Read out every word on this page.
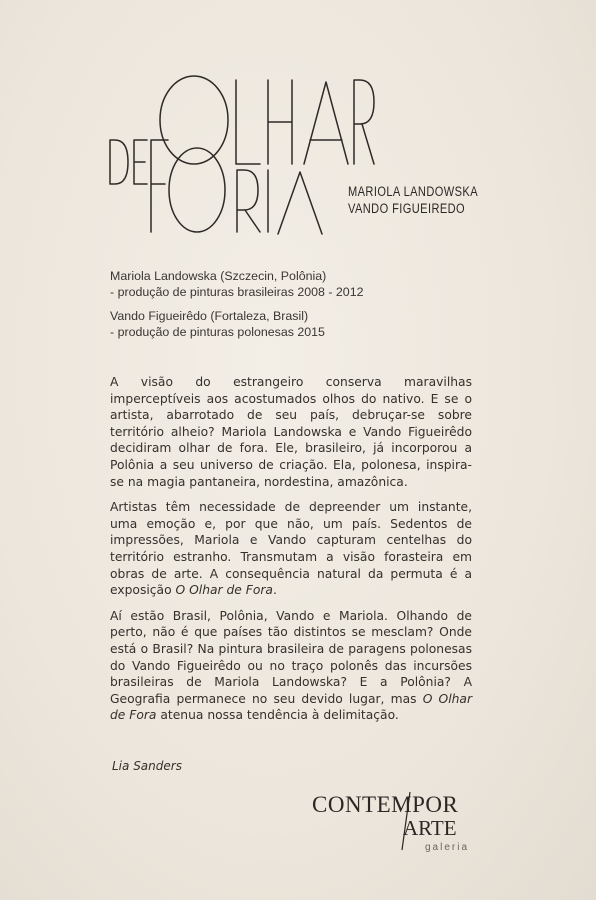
MARIOLA LANDOWSKA
VANDO FIGUEIREDO
Mariola Landowska (Szczecin, Polônia)
- produção de pinturas brasileiras 2008 - 2012
Vando Figueirêdo (Fortaleza, Brasil)
- produção de pinturas polonesas 2015

A visão do estrangeiro conserva maravilhas imperceptíveis aos acostumados olhos do nativo. E se o artista, abarrotado de seu país, debruçar-se sobre território alheio? Mariola Landowska e Vando Figueirêdo decidiram olhar de fora. Ele, brasileiro, já incorporou a Polônia a seu universo de criação. Ela, polonesa, inspira-se na magia pantaneira, nordestina, amazônica.

Artistas têm necessidade de depreender um instante, uma emoção e, por que não, um país. Sedentos de impressões, Mariola e Vando capturam centelhas do território estranho. Transmutam a visão forasteira em obras de arte. A consequência natural da permuta é a exposição O Olhar de Fora.

Aí estão Brasil, Polônia, Vando e Mariola. Olhando de perto, não é que países tão distintos se mesclam? Onde está o Brasil? Na pintura brasileira de paragens polonesas do Vando Figueirêdo ou no traço polonês das incursões brasileiras de Mariola Landowska? E a Polônia? A Geografia permanece no seu devido lugar, mas O Olhar de Fora atenua nossa tendência à delimitação.

Lia Sanders
CONTEMPOR
ARTE
galeria
